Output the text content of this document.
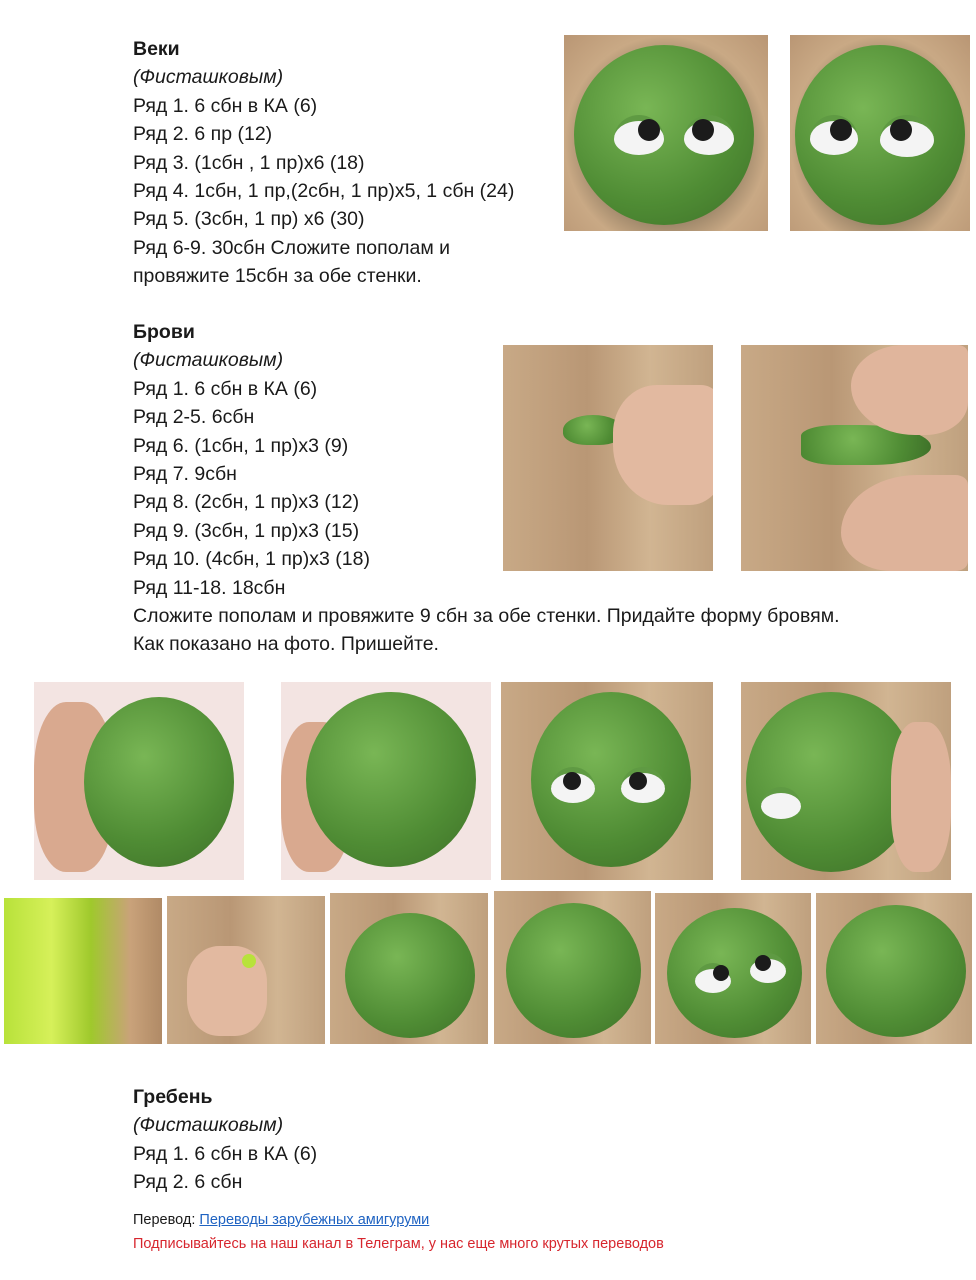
Веки
(Фисташковым)
Ряд 1. 6 сбн в КА (6)
Ряд 2. 6 пр (12)
Ряд 3. (1сбн , 1 пр)х6 (18)
Ряд 4. 1сбн, 1 пр,(2сбн, 1 пр)х5, 1 сбн (24)
Ряд 5. (3сбн, 1 пр) х6 (30)
Ряд 6-9. 30сбн Сложите пополам и
провяжите 15сбн за обе стенки.
Брови
(Фисташковым)
Ряд 1. 6 сбн в КА (6)
Ряд 2-5. 6сбн
Ряд 6. (1сбн, 1 пр)х3 (9)
Ряд 7. 9сбн
Ряд 8. (2сбн, 1 пр)х3 (12)
Ряд 9. (3сбн, 1 пр)х3 (15)
Ряд 10. (4сбн, 1 пр)х3 (18)
Ряд 11-18. 18сбн
Сложите пополам и провяжите 9 сбн за обе стенки. Придайте форму бровям.
Как показано на фото. Пришейте.
Гребень
(Фисташковым)
Ряд 1. 6 сбн в КА (6)
Ряд 2. 6 сбн
Перевод: Переводы зарубежных амигуруми
Подписывайтесь на наш канал в Телеграм, у нас еще много крутых переводов
